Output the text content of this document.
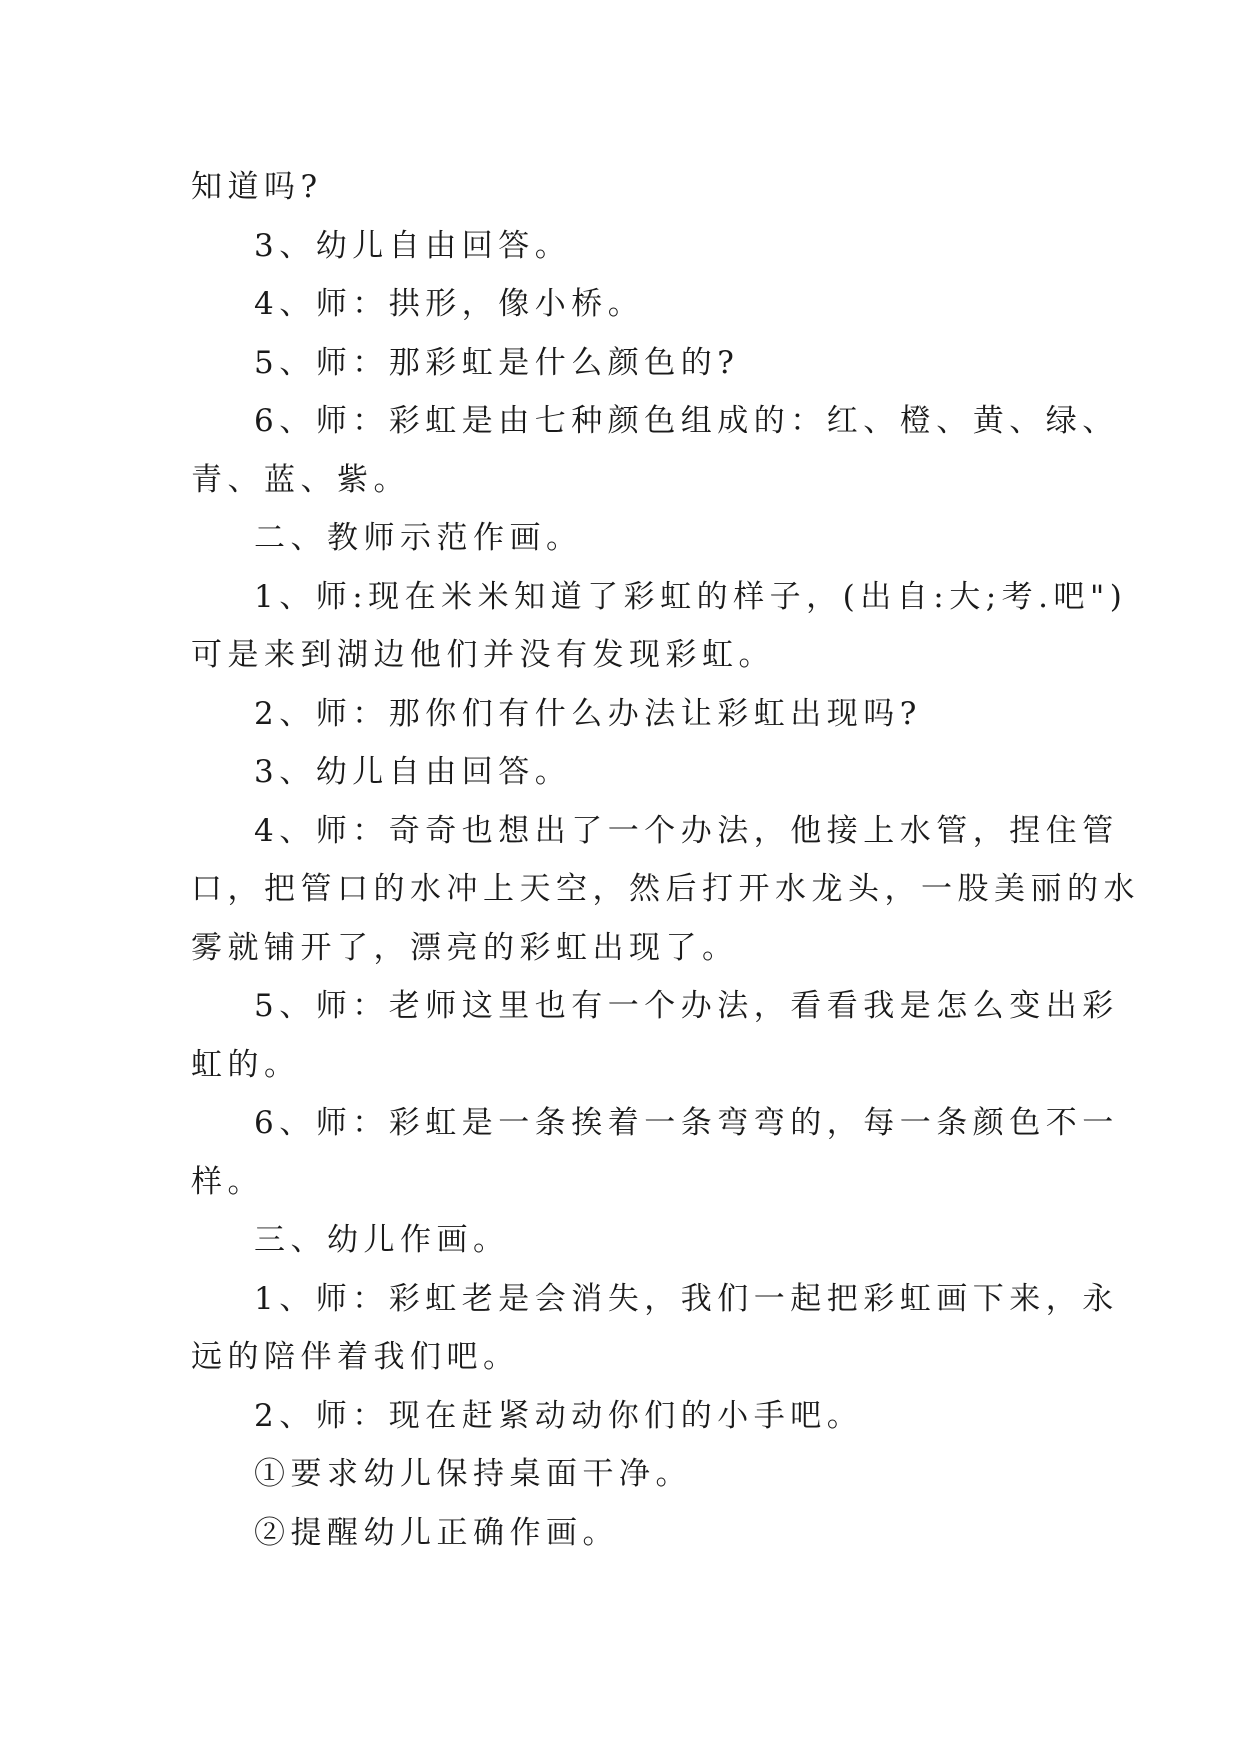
知道吗?
3、幼儿自由回答。
4、师：拱形，像小桥。
5、师：那彩虹是什么颜色的?
6、师：彩虹是由七种颜色组成的：红、橙、黄、绿、
青、蓝、紫。
二、教师示范作画。
1、师:现在米米知道了彩虹的样子，(出自:大;考.吧")
可是来到湖边他们并没有发现彩虹。
2、师：那你们有什么办法让彩虹出现吗?
3、幼儿自由回答。
4、师：奇奇也想出了一个办法，他接上水管，捏住管
口，把管口的水冲上天空，然后打开水龙头，一股美丽的水
雾就铺开了，漂亮的彩虹出现了。
5、师：老师这里也有一个办法，看看我是怎么变出彩
虹的。
6、师：彩虹是一条挨着一条弯弯的，每一条颜色不一
样。
三、幼儿作画。
1、师：彩虹老是会消失，我们一起把彩虹画下来，永
远的陪伴着我们吧。
2、师：现在赶紧动动你们的小手吧。
①要求幼儿保持桌面干净。
②提醒幼儿正确作画。
